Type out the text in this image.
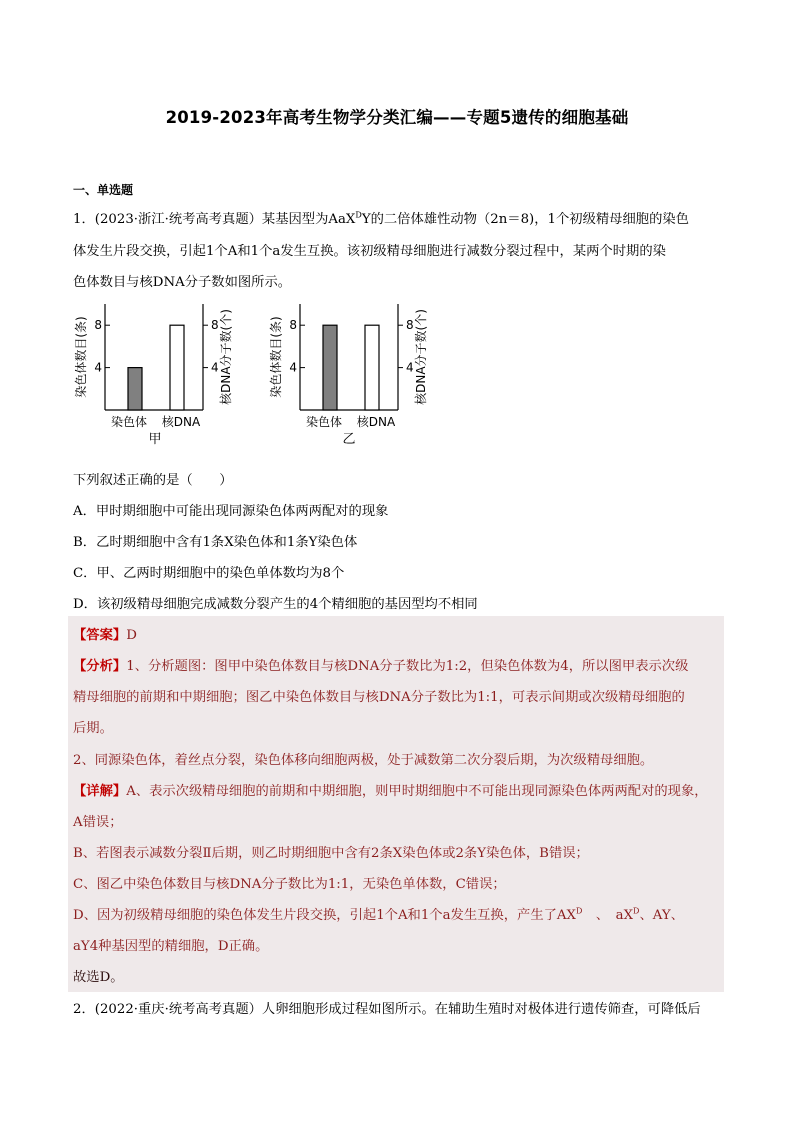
2019-2023年高考生物学分类汇编——专题5遗传的细胞基础
一、单选题
1．(2023·浙江·统考高考真题）某基因型为AaX$^D$Y的二倍体雄性动物（2n＝8)，1个初级精母细胞的染色
体发生片段交换，引起1个A和1个a发生互换。该初级精母细胞进行减数分裂过程中，某两个时期的染
色体数目与核DNA分子数如图所示。
4	4
8	8
染色体 核DNA
甲
染色体数目(条)	核DNA分子数(个)	4	4
8	8
染色体 核DNA
乙
染色体数目(条)	核DNA分子数(个)
下列叙述正确的是（　　）
A．甲时期细胞中可能出现同源染色体两两配对的现象
B．乙时期细胞中含有1条X染色体和1条Y染色体
C．甲、乙两时期细胞中的染色单体数均为8个
D．该初级精母细胞完成减数分裂产生的4个精细胞的基因型均不相同
【答案】D
【分析】1、分析题图：图甲中染色体数目与核DNA分子数比为1:2，但染色体数为4，所以图甲表示次级
精母细胞的前期和中期细胞；图乙中染色体数目与核DNA分子数比为1:1，可表示间期或次级精母细胞的
后期。
2、同源染色体，着丝点分裂，染色体移向细胞两极，处于减数第二次分裂后期，为次级精母细胞。
【详解】A、表示次级精母细胞的前期和中期细胞，则甲时期细胞中不可能出现同源染色体两两配对的现象，
A错误；
B、若图表示减数分裂Ⅱ后期，则乙时期细胞中含有2条X染色体或2条Y染色体，B错误；
C、图乙中染色体数目与核DNA分子数比为1:1，无染色单体数，C错误；
D、因为初级精母细胞的染色体发生片段交换，引起1个A和1个a发生互换，产生了$AX^D$　、　$aX^D$、AY、
aY4种基因型的精细胞，D正确。
故选D。
2．(2022·重庆·统考高考真题）人卵细胞形成过程如图所示。在辅助生殖时对极体进行遗传筛查，可降低后
